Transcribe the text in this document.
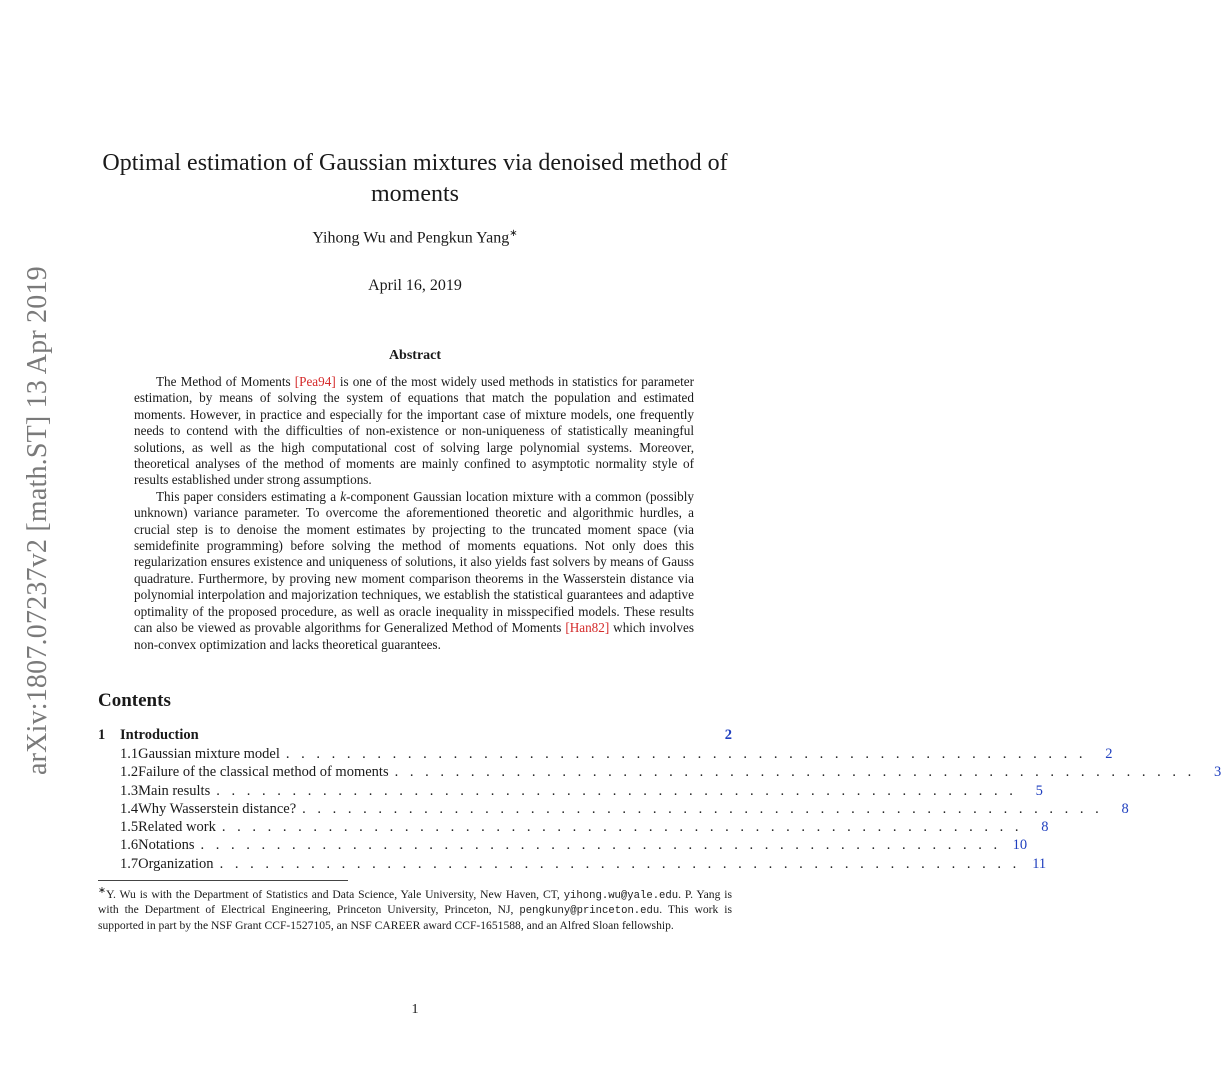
arXiv:1807.07237v2 [math.ST] 13 Apr 2019
Optimal estimation of Gaussian mixtures via denoised method of moments
Yihong Wu and Pengkun Yang∗
April 16, 2019
Abstract

The Method of Moments [Pea94] is one of the most widely used methods in statistics for parameter estimation, by means of solving the system of equations that match the population and estimated moments. However, in practice and especially for the important case of mixture models, one frequently needs to contend with the difficulties of non-existence or non-uniqueness of statistically meaningful solutions, as well as the high computational cost of solving large polynomial systems. Moreover, theoretical analyses of the method of moments are mainly confined to asymptotic normality style of results established under strong assumptions.

This paper considers estimating a k-component Gaussian location mixture with a common (possibly unknown) variance parameter. To overcome the aforementioned theoretic and algorithmic hurdles, a crucial step is to denoise the moment estimates by projecting to the truncated moment space (via semidefinite programming) before solving the method of moments equations. Not only does this regularization ensures existence and uniqueness of solutions, it also yields fast solvers by means of Gauss quadrature. Furthermore, by proving new moment comparison theorems in the Wasserstein distance via polynomial interpolation and majorization techniques, we establish the statistical guarantees and adaptive optimality of the proposed procedure, as well as oracle inequality in misspecified models. These results can also be viewed as provable algorithms for Generalized Method of Moments [Han82] which involves non-convex optimization and lacks theoretical guarantees.

Contents
1	Introduction	2
1.1 Gaussian mixture model . . . . . . . . . . . . . . . . . . . . . . . . . . . . . . . . . . . . . . . . . . . . . . . . . . . . .	2
1.2 Failure of the classical method of moments . . . . . . . . . . . . . . . . . . . . . . . . . . . . . . . . . . . . . . . . . . . . . . . . . . . . .	3
1.3 Main results . . . . . . . . . . . . . . . . . . . . . . . . . . . . . . . . . . . . . . . . . . . . . . . . . . . . .	5
1.4 Why Wasserstein distance? . . . . . . . . . . . . . . . . . . . . . . . . . . . . . . . . . . . . . . . . . . . . . . . . . . . . .	8
1.5 Related work . . . . . . . . . . . . . . . . . . . . . . . . . . . . . . . . . . . . . . . . . . . . . . . . . . . . .	8
1.6 Notations . . . . . . . . . . . . . . . . . . . . . . . . . . . . . . . . . . . . . . . . . . . . . . . . . . . . . 10
1.7 Organization . . . . . . . . . . . . . . . . . . . . . . . . . . . . . . . . . . . . . . . . . . . . . . . . . . . . . 11

∗Y. Wu is with the Department of Statistics and Data Science, Yale University, New Haven, CT, yihong.wu@yale.edu. P. Yang is with the Department of Electrical Engineering, Princeton University, Princeton, NJ, pengkuny@princeton.edu. This work is supported in part by the NSF Grant CCF-1527105, an NSF CAREER award CCF-1651588, and an Alfred Sloan fellowship.

1
